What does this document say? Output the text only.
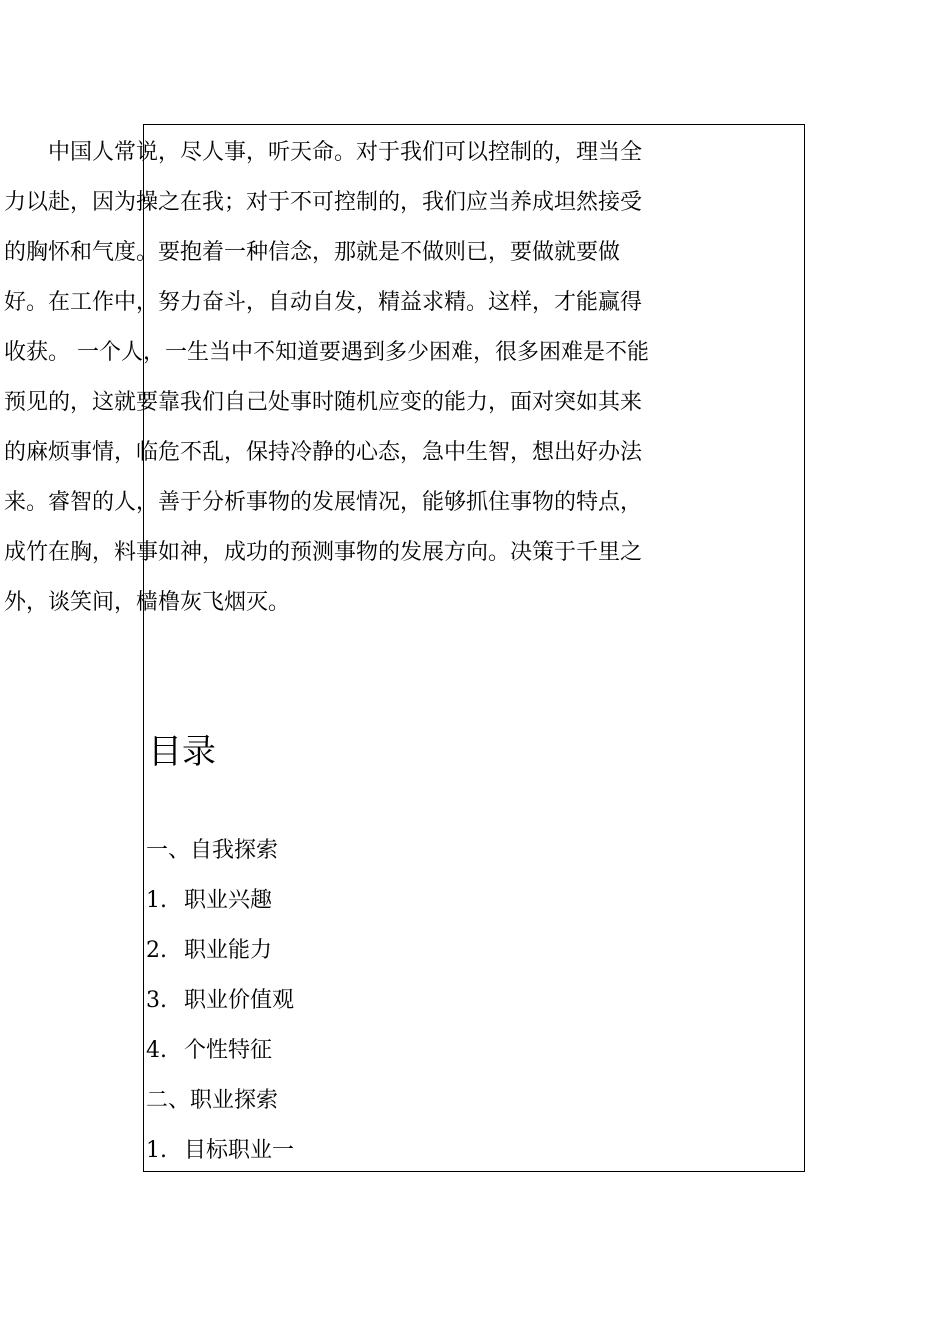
中国人常说，尽人事，听天命。对于我们可以控制的，理当全
力以赴，因为操之在我；对于不可控制的，我们应当养成坦然接受
的胸怀和气度。要抱着一种信念，那就是不做则已，要做就要做
好。在工作中，努力奋斗，自动自发，精益求精。这样，才能赢得
收获。 一个人，一生当中不知道要遇到多少困难，很多困难是不能
预见的，这就要靠我们自己处事时随机应变的能力，面对突如其来
的麻烦事情，临危不乱，保持冷静的心态，急中生智，想出好办法
来。睿智的人，善于分析事物的发展情况，能够抓住事物的特点，
成竹在胸，料事如神，成功的预测事物的发展方向。决策于千里之
外，谈笑间，樯橹灰飞烟灭。
目录
一、自我探索
1. 职业兴趣
2. 职业能力
3. 职业价值观
4. 个性特征
二、职业探索
1. 目标职业一
